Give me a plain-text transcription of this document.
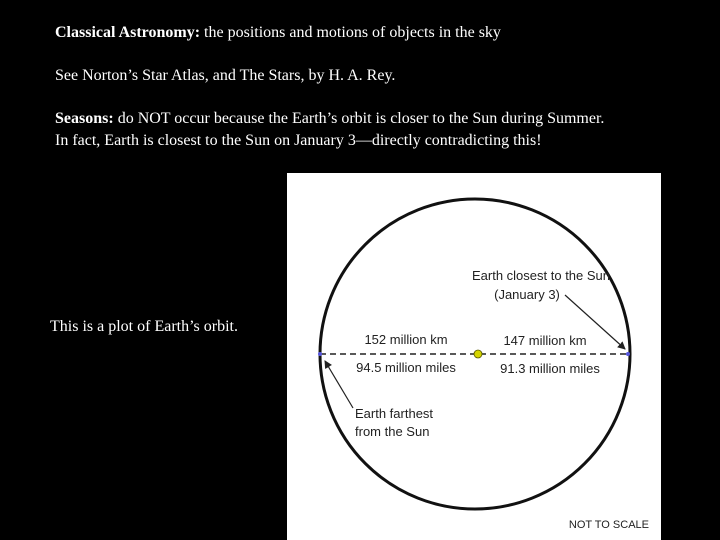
Classical Astronomy: the positions and motions of objects in the sky
See Norton’s Star Atlas, and The Stars, by H. A. Rey.
Seasons: do NOT occur because the Earth’s orbit is closer to the Sun during Summer.
In fact, Earth is closest to the Sun on January 3—directly contradicting this!
This is a plot of Earth’s orbit.
Earth closest to the Sun
(January 3)
152 million km	147 million km
94.5 million miles	91.3 million miles
Earth farthest
from the Sun
NOT TO SCALE
